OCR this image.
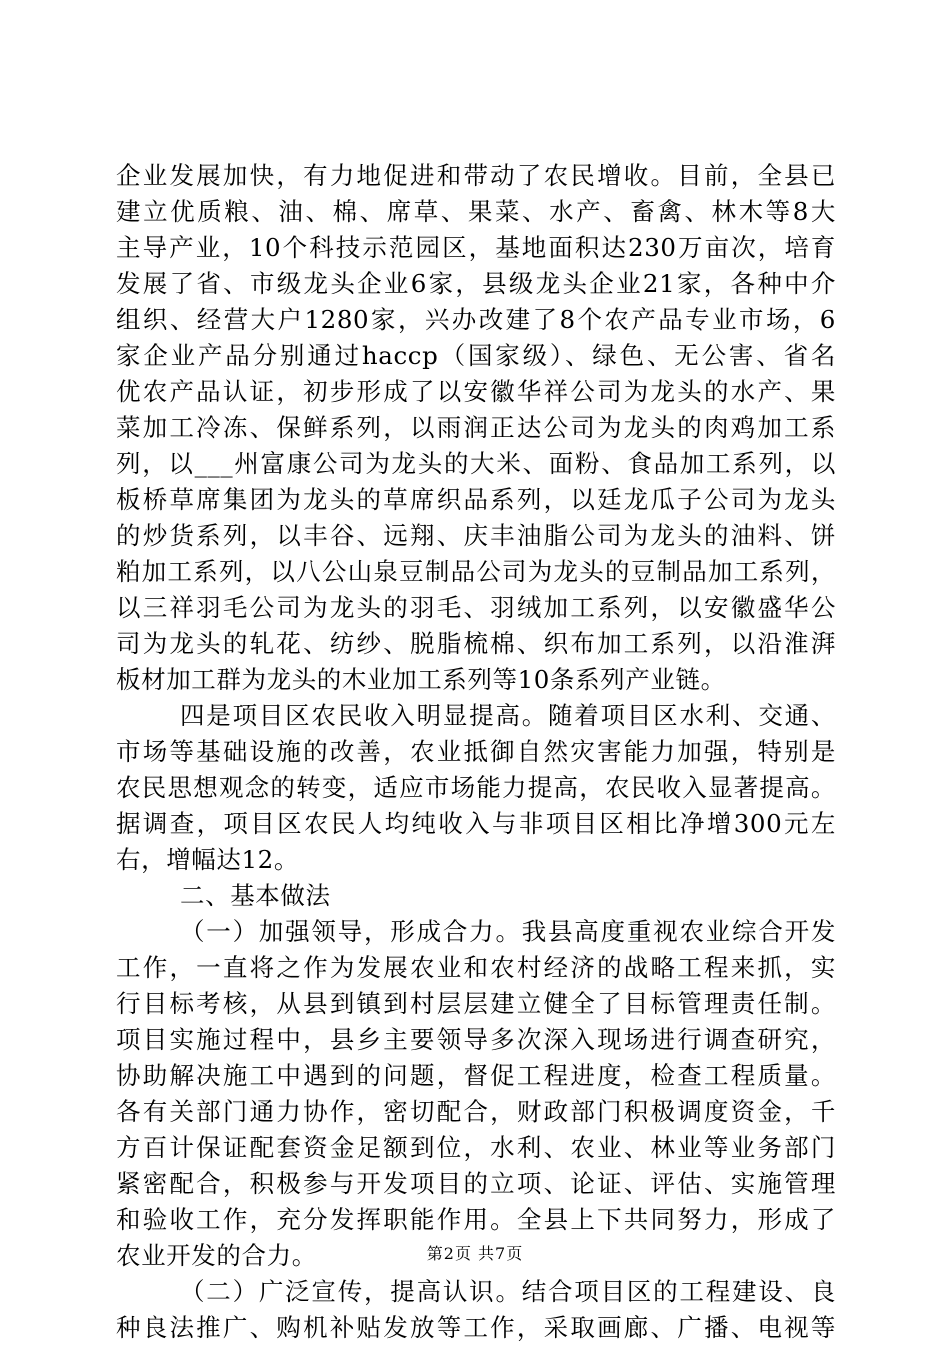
企业发展加快，有力地促进和带动了农民增收。目前，全县已
建立优质粮、油、棉、席草、果菜、水产、畜禽、林木等8大
主导产业，10个科技示范园区，基地面积达230万亩次，培育
发展了省、市级龙头企业6家，县级龙头企业21家，各种中介
组织、经营大户1280家，兴办改建了8个农产品专业市场，6
家企业产品分别通过haccp（国家级）、绿色、无公害、省名
优农产品认证，初步形成了以安徽华祥公司为龙头的水产、果
菜加工冷冻、保鲜系列，以雨润正达公司为龙头的肉鸡加工系
列，以___州富康公司为龙头的大米、面粉、食品加工系列，以
板桥草席集团为龙头的草席织品系列，以廷龙瓜子公司为龙头
的炒货系列，以丰谷、远翔、庆丰油脂公司为龙头的油料、饼
粕加工系列，以八公山泉豆制品公司为龙头的豆制品加工系列，
以三祥羽毛公司为龙头的羽毛、羽绒加工系列，以安徽盛华公
司为龙头的轧花、纺纱、脱脂梳棉、织布加工系列，以沿淮湃
板材加工群为龙头的木业加工系列等10条系列产业链。
四是项目区农民收入明显提高。随着项目区水利、交通、
市场等基础设施的改善，农业抵御自然灾害能力加强，特别是
农民思想观念的转变，适应市场能力提高，农民收入显著提高。
据调查，项目区农民人均纯收入与非项目区相比净增300元左
右，增幅达12。
二、基本做法
（一）加强领导，形成合力。我县高度重视农业综合开发
工作，一直将之作为发展农业和农村经济的战略工程来抓，实
行目标考核，从县到镇到村层层建立健全了目标管理责任制。
项目实施过程中，县乡主要领导多次深入现场进行调查研究，
协助解决施工中遇到的问题，督促工程进度，检查工程质量。
各有关部门通力协作，密切配合，财政部门积极调度资金，千
方百计保证配套资金足额到位，水利、农业、林业等业务部门
紧密配合，积极参与开发项目的立项、论证、评估、实施管理
和验收工作，充分发挥职能作用。全县上下共同努力，形成了
农业开发的合力。
（二）广泛宣传，提高认识。结合项目区的工程建设、良
种良法推广、购机补贴发放等工作，采取画廊、广播、电视等
第2页 共7页
